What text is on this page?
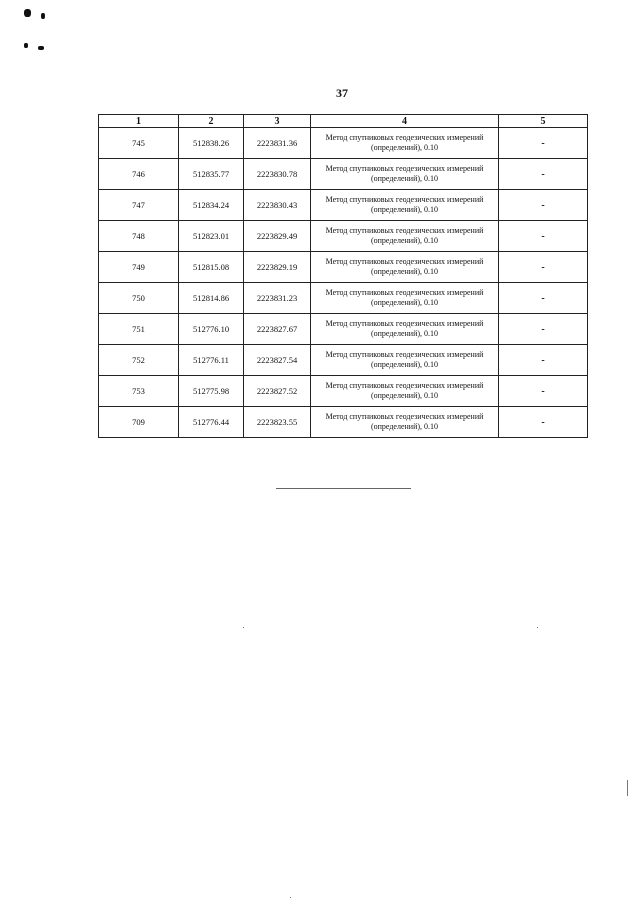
37
1	2	3	4	5
745	512838.26	2223831.36	Метод спутниковых геодезических измерений (определений), 0.10	-
746	512835.77	2223830.78	Метод спутниковых геодезических измерений (определений), 0.10	-
747	512834.24	2223830.43	Метод спутниковых геодезических измерений (определений), 0.10	-
748	512823.01	2223829.49	Метод спутниковых геодезических измерений (определений), 0.10	-
749	512815.08	2223829.19	Метод спутниковых геодезических измерений (определений), 0.10	-
750	512814.86	2223831.23	Метод спутниковых геодезических измерений (определений), 0.10	-
751	512776.10	2223827.67	Метод спутниковых геодезических измерений (определений), 0.10	-
752	512776.11	2223827.54	Метод спутниковых геодезических измерений (определений), 0.10	-
753	512775.98	2223827.52	Метод спутниковых геодезических измерений (определений), 0.10	-
709	512776.44	2223823.55	Метод спутниковых геодезических измерений (определений), 0.10	-
